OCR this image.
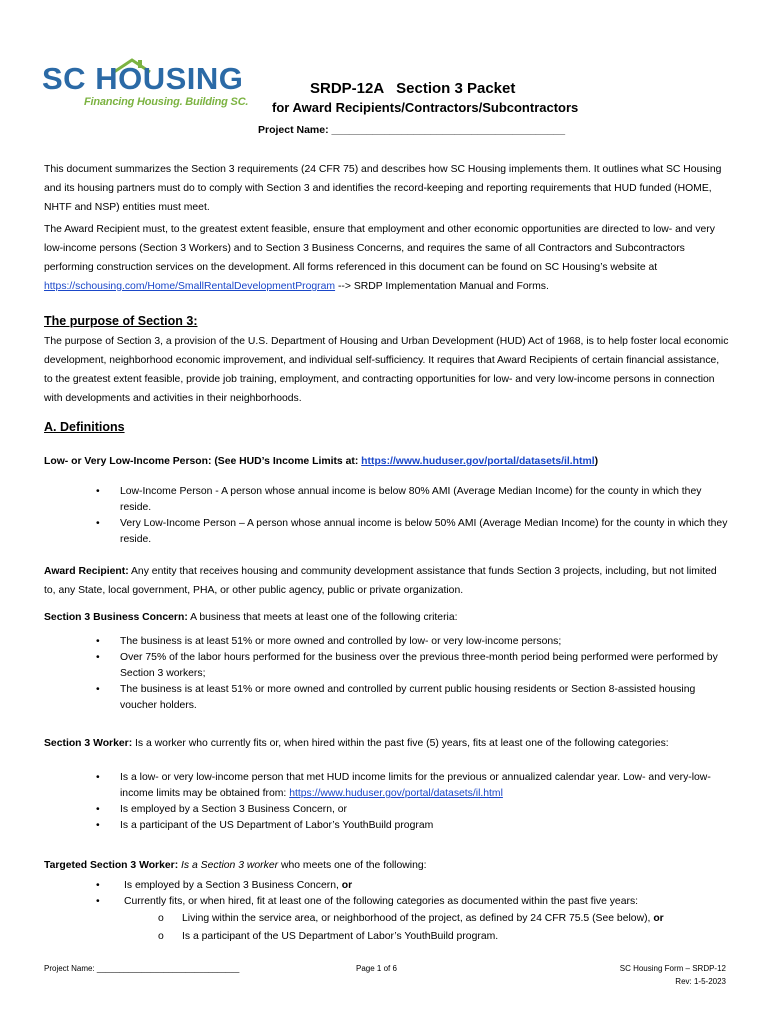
SC HOUSING
Financing Housing. Building SC.
SRDP-12A   Section 3 Packet
for Award Recipients/Contractors/Subcontractors
Project Name: ________________________________________

This document summarizes the Section 3 requirements (24 CFR 75) and describes how SC Housing implements them. It outlines what SC Housing and its housing partners must do to comply with Section 3 and identifies the record-keeping and reporting requirements that HUD funded (HOME, NHTF and NSP) entities must meet.

The Award Recipient must, to the greatest extent feasible, ensure that employment and other economic opportunities are directed to low- and very low-income persons (Section 3 Workers) and to Section 3 Business Concerns, and requires the same of all Contractors and Subcontractors performing construction services on the development. All forms referenced in this document can be found on SC Housing’s website at https://schousing.com/Home/SmallRentalDevelopmentProgram --> SRDP Implementation Manual and Forms.

The purpose of Section 3:

The purpose of Section 3, a provision of the U.S. Department of Housing and Urban Development (HUD) Act of 1968, is to help foster local economic development, neighborhood economic improvement, and individual self-sufficiency. It requires that Award Recipients of certain financial assistance, to the greatest extent feasible, provide job training, employment, and contracting opportunities for low- and very low-income persons in connection with developments and activities in their neighborhoods.

A. Definitions

Low- or Very Low-Income Person: (See HUD’s Income Limits at: https://www.huduser.gov/portal/datasets/il.html)

• Low-Income Person - A person whose annual income is below 80% AMI (Average Median Income) for the county in which they reside.
• Very Low-Income Person – A person whose annual income is below 50% AMI (Average Median Income) for the county in which they reside.

Award Recipient: Any entity that receives housing and community development assistance that funds Section 3 projects, including, but not limited to, any State, local government, PHA, or other public agency, public or private organization.

Section 3 Business Concern: A business that meets at least one of the following criteria:

• The business is at least 51% or more owned and controlled by low- or very low-income persons;
• Over 75% of the labor hours performed for the business over the previous three-month period being performed were performed by Section 3 workers;
• The business is at least 51% or more owned and controlled by current public housing residents or Section 8-assisted housing voucher holders.

Section 3 Worker: Is a worker who currently fits or, when hired within the past five (5) years, fits at least one of the following categories:

• Is a low- or very low-income person that met HUD income limits for the previous or annualized calendar year. Low- and very-low-income limits may be obtained from: https://www.huduser.gov/portal/datasets/il.html
• Is employed by a Section 3 Business Concern, or
• Is a participant of the US Department of Labor’s YouthBuild program

Targeted Section 3 Worker: Is a Section 3 worker who meets one of the following:

• Is employed by a Section 3 Business Concern, or
• Currently fits, or when hired, fit at least one of the following categories as documented within the past five years:
o Living within the service area, or neighborhood of the project, as defined by 24 CFR 75.5 (See below), or
o Is a participant of the US Department of Labor’s YouthBuild program.
Project Name: ________________________________	Page 1 of 6	SC Housing Form – SRDP-12
Rev: 1-5-2023
